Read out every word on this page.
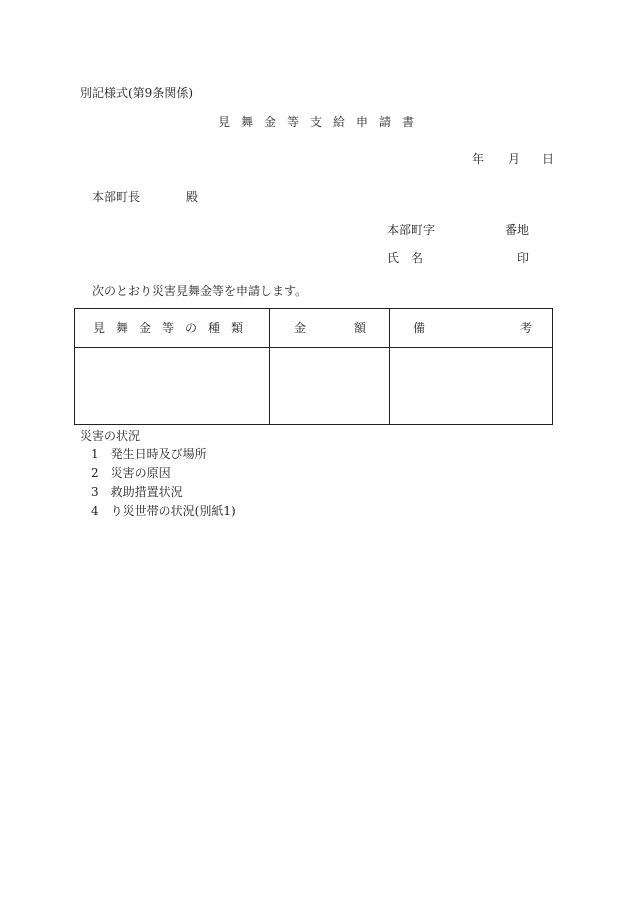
別記様式(第9条関係)
見舞金等支給申請書
年 月 日
本部町長	殿
本部町字	番地
氏　名	印
次のとおり災害見舞金等を申請します。
見舞金等の種類	金 額	備 考

災害の状況
1　発生日時及び場所
2　災害の原因
3　救助措置状況
4　り災世帯の状況(別紙1)
